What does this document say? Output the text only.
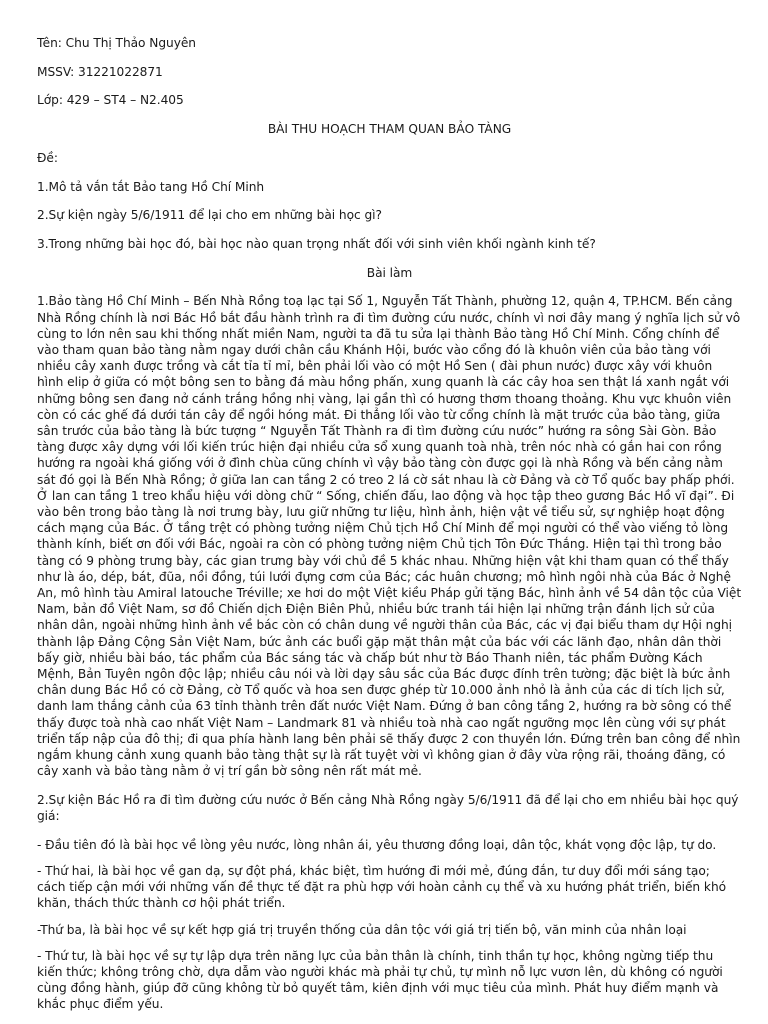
Tên: Chu Thị Thảo Nguyên

MSSV: 31221022871

Lớp: 429 – ST4 – N2.405

BÀI THU HOẠCH THAM QUAN BẢO TÀNG

Đề:

1.Mô tả vắn tắt Bảo tang Hồ Chí Minh

2.Sự kiện ngày 5/6/1911 để lại cho em những bài học gì?

3.Trong những bài học đó, bài học nào quan trọng nhất đối với sinh viên khối ngành kinh tế?

Bài làm

1.Bảo tàng Hồ Chí Minh – Bến Nhà Rồng toạ lạc tại Số 1, Nguyễn Tất Thành, phường 12, quận 4, TP.HCM. Bến cảng Nhà Rồng chính là nơi Bác Hồ bắt đầu hành trình ra đi tìm đường cứu nước, chính vì nơi đây mang ý nghĩa lịch sử vô cùng to lớn nên sau khi thống nhất miền Nam, người ta đã tu sửa lại thành Bảo tàng Hồ Chí Minh. Cổng chính để vào tham quan bảo tàng nằm ngay dưới chân cầu Khánh Hội, bước vào cổng đó là khuôn viên của bảo tàng với nhiều cây xanh được trồng và cắt tỉa tỉ mỉ, bên phải lối vào có một Hồ Sen ( đài phun nước) được xây với khuôn hình elip ở giữa có một bông sen to bằng đá màu hồng phấn, xung quanh là các cây hoa sen thật lá xanh ngắt với những bông sen đang nở cánh trắng hồng nhị vàng, lại gần thì có hương thơm thoang thoảng. Khu vực khuôn viên còn có các ghế đá dưới tán cây để ngồi hóng mát. Đi thẳng lối vào từ cổng chính là mặt trước của bảo tàng, giữa sân trước của bảo tàng là bức tượng “ Nguyễn Tất Thành ra đi tìm đường cứu nước” hướng ra sông Sài Gòn. Bảo tàng được xây dựng với lối kiến trúc hiện đại nhiều cửa sổ xung quanh toà nhà, trên nóc nhà có gắn hai con rồng hướng ra ngoài khá giống với ở đình chùa cũng chính vì vậy bảo tàng còn được gọi là nhà Rồng và bến cảng nằm sát đó gọi là Bến Nhà Rồng; ở giữa lan can tầng 2 có treo 2 lá cờ sát nhau là cờ Đảng và cờ Tổ quốc bay phấp phới. Ở lan can tầng 1 treo khẩu hiệu với dòng chữ “ Sống, chiến đấu, lao động và học tập theo gương Bác Hồ vĩ đại”. Đi vào bên trong bảo tàng là nơi trưng bày, lưu giữ những tư liệu, hình ảnh, hiện vật về tiểu sử, sự nghiệp hoạt động cách mạng của Bác. Ở tầng trệt có phòng tưởng niệm Chủ tịch Hồ Chí Minh để mọi người có thể vào viếng tỏ lòng thành kính, biết ơn đối với Bác, ngoài ra còn có phòng tưởng niệm Chủ tịch Tôn Đức Thắng. Hiện tại thì trong bảo tàng có 9 phòng trưng bày, các gian trưng bày với chủ đề 5 khác nhau. Những hiện vật khi tham quan có thể thấy như là áo, dép, bát, đũa, nồi đồng, túi lưới đựng cơm của Bác; các huân chương; mô hình ngôi nhà của Bác ở Nghệ An, mô hình tàu Amiral latouche Tréville; xe hơi do một Việt kiều Pháp gửi tặng Bác, hình ảnh về 54 dân tộc của Việt Nam, bản đồ Việt Nam, sơ đồ Chiến dịch Điện Biên Phủ, nhiều bức tranh tái hiện lại những trận đánh lịch sử của nhân dân, ngoài những hình ảnh về bác còn có chân dung về người thân của Bác, các vị đại biểu tham dự Hội nghị thành lập Đảng Cộng Sản Việt Nam, bức ảnh các buổi gặp mặt thân mật của bác với các lãnh đạo, nhân dân thời bấy giờ, nhiều bài báo, tác phẩm của Bác sáng tác và chấp bút như tờ Báo Thanh niên, tác phẩm Đường Kách Mệnh, Bản Tuyên ngôn độc lập; nhiều câu nói và lời dạy sâu sắc của Bác được đính trên tường; đặc biệt là bức ảnh chân dung Bác Hồ có cờ Đảng, cờ Tổ quốc và hoa sen được ghép từ 10.000 ảnh nhỏ là ảnh của các di tích lịch sử, danh lam thắng cảnh của 63 tỉnh thành trên đất nước Việt Nam. Đứng ở ban công tầng 2, hướng ra bờ sông có thể thấy được toà nhà cao nhất Việt Nam – Landmark 81 và nhiều toà nhà cao ngất ngưỡng mọc lên cùng với sự phát triển tấp nập của đô thị; đi qua phía hành lang bên phải sẽ thấy được 2 con thuyền lớn. Đứng trên ban công để nhìn ngắm khung cảnh xung quanh bảo tàng thật sự là rất tuyệt vời vì không gian ở đây vừa rộng rãi, thoáng đãng, có cây xanh và bảo tàng nằm ở vị trí gần bờ sông nên rất mát mẻ.

2.Sự kiện Bác Hồ ra đi tìm đường cứu nước ở Bến cảng Nhà Rồng ngày 5/6/1911 đã để lại cho em nhiều bài học quý giá:

- Đầu tiên đó là bài học về lòng yêu nước, lòng nhân ái, yêu thương đồng loại, dân tộc, khát vọng độc lập, tự do.

- Thứ hai, là bài học về gan dạ, sự đột phá, khác biệt, tìm hướng đi mới mẻ, đúng đắn, tư duy đổi mới sáng tạo; cách tiếp cận mới với những vấn đề thực tế đặt ra phù hợp với hoàn cảnh cụ thể và xu hướng phát triển, biến khó khăn, thách thức thành cơ hội phát triển.

-Thứ ba, là bài học về sự kết hợp giá trị truyền thống của dân tộc với giá trị tiến bộ, văn minh của nhân loại

- Thứ tư, là bài học về sự tự lập dựa trên năng lực của bản thân là chính, tinh thần tự học, không ngừng tiếp thu kiến thức; không trông chờ, dựa dẫm vào người khác mà phải tự chủ, tự mình nỗ lực vươn lên, dù không có người cùng đồng hành, giúp đỡ cũng không từ bỏ quyết tâm, kiên định với mục tiêu của mình. Phát huy điểm mạnh và khắc phục điểm yếu.
